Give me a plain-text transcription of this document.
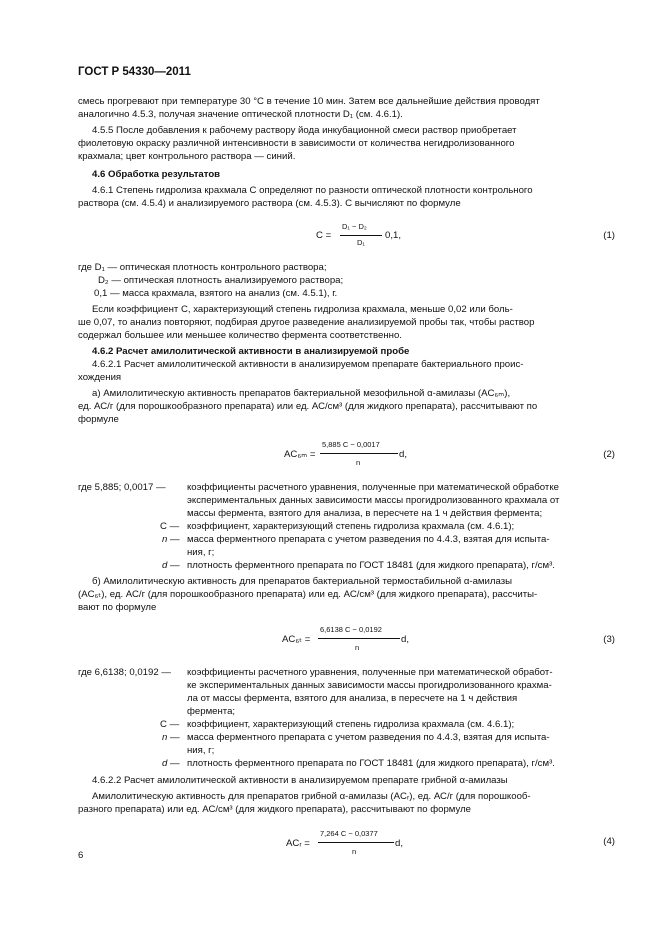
ГОСТ Р 54330—2011
смесь прогревают при температуре 30 °С в течение 10 мин. Затем все дальнейшие действия проводят
аналогично 4.5.3, получая значение оптической плотности D₁ (см. 4.6.1).
4.5.5 После добавления к рабочему раствору йода инкубационной смеси раствор приобретает
фиолетовую окраску различной интенсивности в зависимости от количества негидролизованного
крахмала; цвет контрольного раствора — синий.
4.6 Обработка результатов
4.6.1 Степень гидролиза крахмала С определяют по разности оптической плотности контрольного
раствора (см. 4.5.4) и анализируемого раствора (см. 4.5.3). С вычисляют по формуле
C =
D₁ − D₂
D₁
0,1,	(1)
где D₁ — оптическая плотность контрольного раствора;
D₂ — оптическая плотность анализируемого раствора;
0,1 — масса крахмала, взятого на анализ (см. 4.5.1), г.
Если коэффициент С, характеризующий степень гидролиза крахмала, меньше 0,02 или боль-
ше 0,07, то анализ повторяют, подбирая другое разведение анализируемой пробы так, чтобы раствор
содержал большее или меньшее количество фермента соответственно.
4.6.2 Расчет амилолитической активности в анализируемой пробе
4.6.2.1 Расчет амилолитической активности в анализируемом препарате бактериального проис-
хождения
а) Амилолитическую активность препаратов бактериальной мезофильной α-амилазы (AC₆ₘ),
ед. АС/г (для порошкообразного препарата) или ед. АС/см³ (для жидкого препарата), рассчитывают по
формуле
AC₆ₘ =
5,885 C − 0,0017
n
d,	(2)
где 5,885; 0,0017 — коэффициенты расчетного уравнения, полученные при математической обработке
экспериментальных данных зависимости массы прогидролизованного крахмала от
массы фермента, взятого для анализа, в пересчете на 1 ч действия фермента;
С — коэффициент, характеризующий степень гидролиза крахмала (см. 4.6.1);
n — масса ферментного препарата с учетом разведения по 4.4.3, взятая для испыта-
ния, г;
d — плотность ферментного препарата по ГОСТ 18481 (для жидкого препарата), г/см³.
б) Амилолитическую активность для препаратов бактериальной термостабильной α-амилазы
(AC₆ₜ), ед. АС/г (для порошкообразного препарата) или ед. АС/см³ (для жидкого препарата), рассчиты-
вают по формуле
AC₆ₜ =
6,6138 C − 0,0192
n
d,	(3)
где 6,6138; 0,0192 — коэффициенты расчетного уравнения, полученные при математической обработ-
ке экспериментальных данных зависимости массы прогидролизованного крахма-
ла от массы фермента, взятого для анализа, в пересчете на 1 ч действия
фермента;
С — коэффициент, характеризующий степень гидролиза крахмала (см. 4.6.1);
n — масса ферментного препарата с учетом разведения по 4.4.3, взятая для испыта-
ния, г;
d — плотность ферментного препарата по ГОСТ 18481 (для жидкого препарата), г/см³.
4.6.2.2 Расчет амилолитической активности в анализируемом препарате грибной α-амилазы
Амилолитическую активность для препаратов грибной α-амилазы (ACᵣ), ед. АС/г (для порошкооб-
разного препарата) или ед. АС/см³ (для жидкого препарата), рассчитывают по формуле
ACᵣ =
7,264 C − 0,0377
n
d,	(4)
6
